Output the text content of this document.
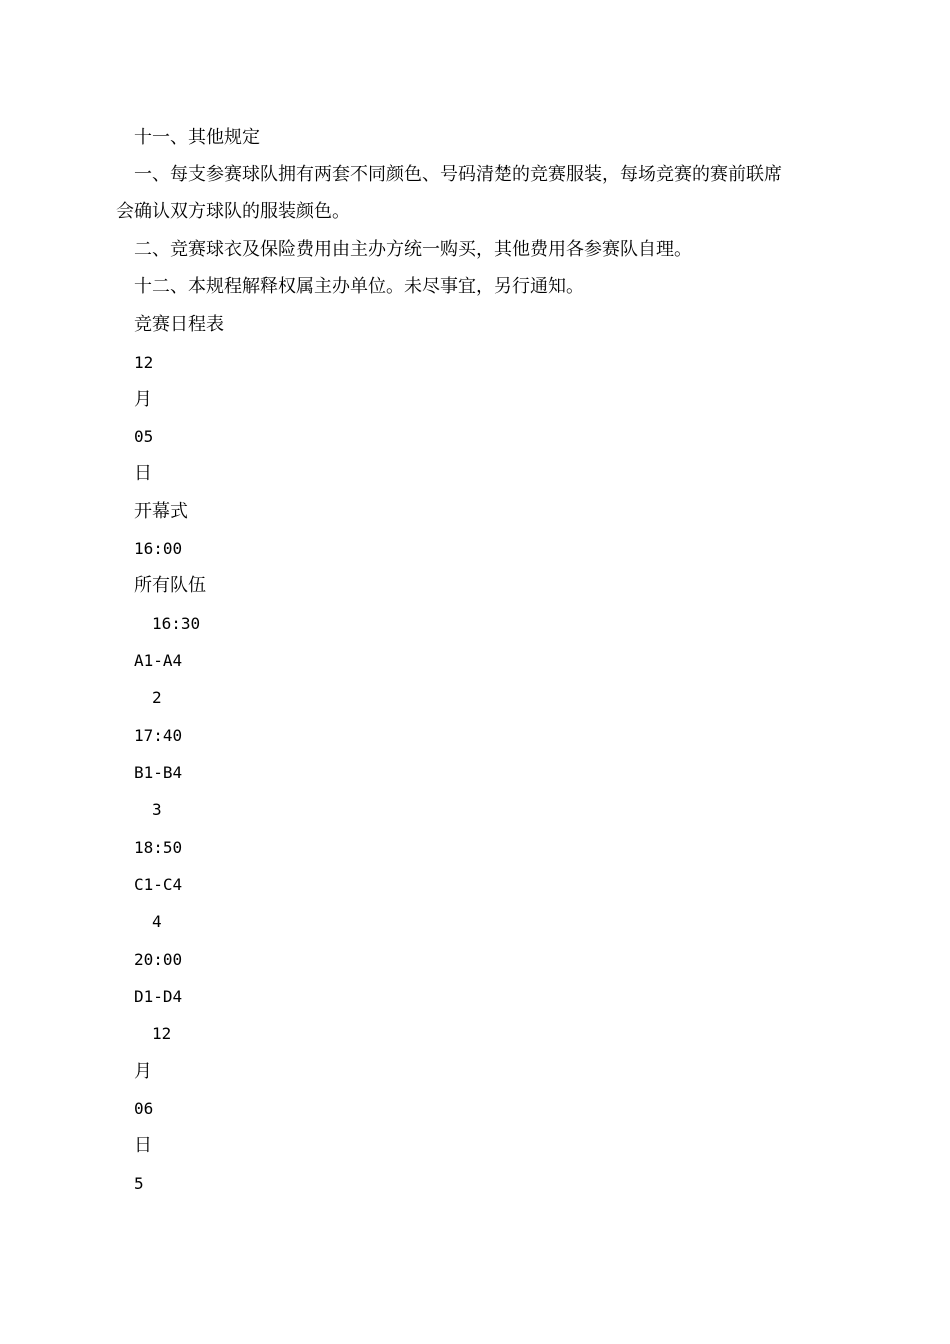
十一、其他规定
一、每支参赛球队拥有两套不同颜色、号码清楚的竞赛服装，每场竞赛的赛前联席
会确认双方球队的服装颜色。
二、竞赛球衣及保险费用由主办方统一购买，其他费用各参赛队自理。
十二、本规程解释权属主办单位。未尽事宜，另行通知。
竞赛日程表
12
月
05
日
开幕式
16:00
所有队伍
16:30
A1-A4
2
17:40
B1-B4
3
18:50
C1-C4
4
20:00
D1-D4
12
月
06
日
5
